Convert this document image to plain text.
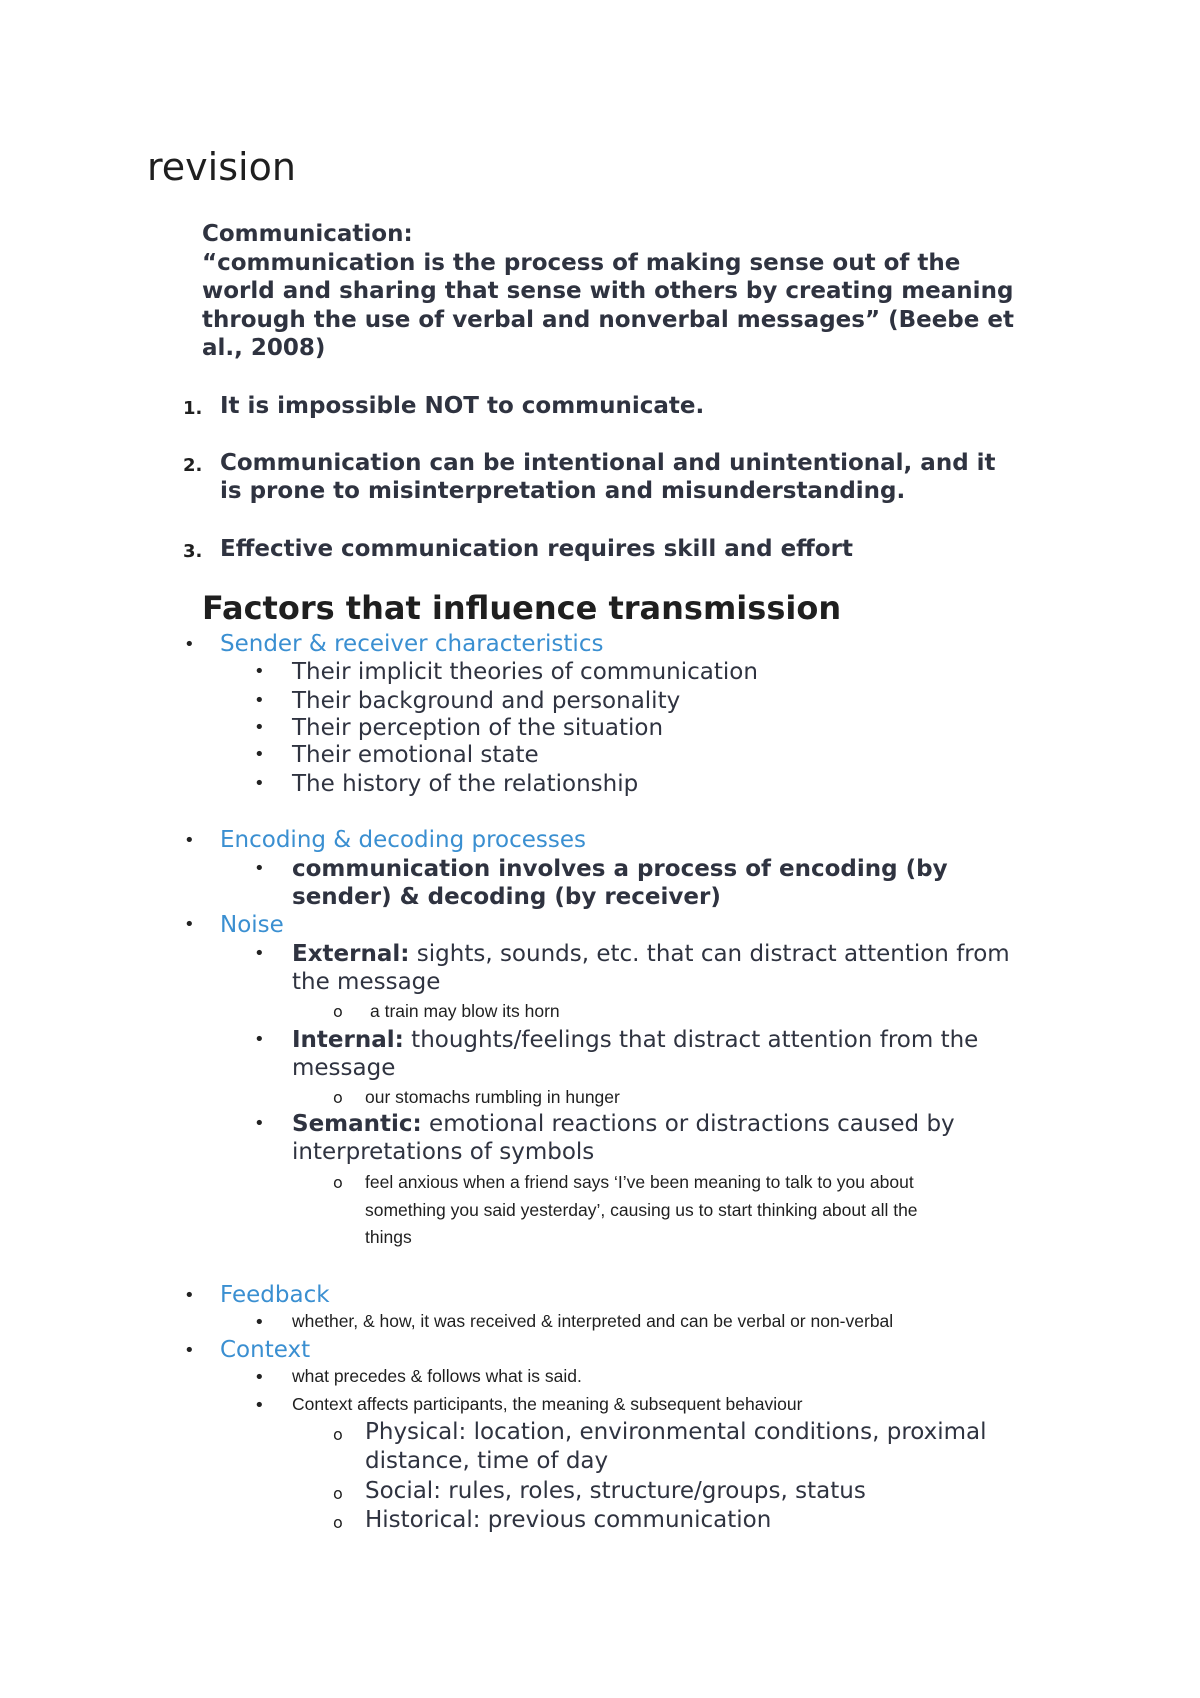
revision
Communication:
“communication is the process of making sense out of the
world and sharing that sense with others by creating meaning
through the use of verbal and nonverbal messages” (Beebe et
al., 2008)
1. It is impossible NOT to communicate.
2. Communication can be intentional and unintentional, and it
is prone to misinterpretation and misunderstanding.
3. Effective communication requires skill and effort
Factors that influence transmission
• Sender & receiver characteristics
• Their implicit theories of communication
• Their background and personality
• Their perception of the situation
• Their emotional state
• The history of the relationship
• Encoding & decoding processes
• communication involves a process of encoding (by
sender) & decoding (by receiver)
• Noise
• External: sights, sounds, etc. that can distract attention from
the message
o a train may blow its horn
• Internal: thoughts/feelings that distract attention from the
message
o our stomachs rumbling in hunger
• Semantic: emotional reactions or distractions caused by
interpretations of symbols
o feel anxious when a friend says ‘I’ve been meaning to talk to you about
something you said yesterday’, causing us to start thinking about all the
things
• Feedback
• whether, & how, it was received & interpreted and can be verbal or non-verbal
• Context
• what precedes & follows what is said.
• Context affects participants, the meaning & subsequent behaviour
o Physical: location, environmental conditions, proximal
distance, time of day
o Social: rules, roles, structure/groups, status
o Historical: previous communication
